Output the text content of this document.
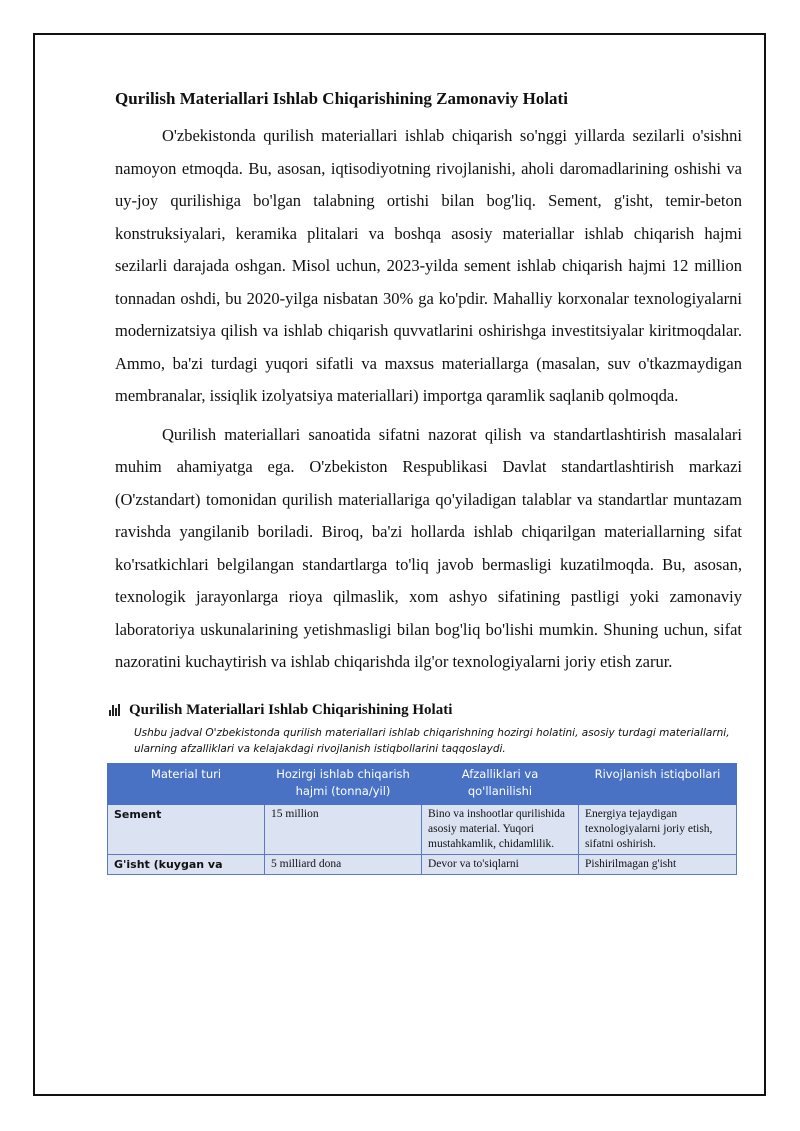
Qurilish Materiallari Ishlab Chiqarishining Zamonaviy Holati

O'zbekistonda qurilish materiallari ishlab chiqarish so'nggi yillarda sezilarli o'sishni namoyon etmoqda. Bu, asosan, iqtisodiyotning rivojlanishi, aholi daromadlarining oshishi va uy-joy qurilishiga bo'lgan talabning ortishi bilan bog'liq. Sement, g'isht, temir-beton konstruksiyalari, keramika plitalari va boshqa asosiy materiallar ishlab chiqarish hajmi sezilarli darajada oshgan. Misol uchun, 2023-yilda sement ishlab chiqarish hajmi 12 million tonnadan oshdi, bu 2020-yilga nisbatan 30% ga ko'pdir. Mahalliy korxonalar texnologiyalarni modernizatsiya qilish va ishlab chiqarish quvvatlarini oshirishga investitsiyalar kiritmoqdalar. Ammo, ba'zi turdagi yuqori sifatli va maxsus materiallarga (masalan, suv o'tkazmaydigan membranalar, issiqlik izolyatsiya materiallari) importga qaramlik saqlanib qolmoqda.

Qurilish materiallari sanoatida sifatni nazorat qilish va standartlashtirish masalalari muhim ahamiyatga ega. O'zbekiston Respublikasi Davlat standartlashtirish markazi (O'zstandart) tomonidan qurilish materiallariga qo'yiladigan talablar va standartlar muntazam ravishda yangilanib boriladi. Biroq, ba'zi hollarda ishlab chiqarilgan materiallarning sifat ko'rsatkichlari belgilangan standartlarga to'liq javob bermasligi kuzatilmoqda. Bu, asosan, texnologik jarayonlarga rioya qilmaslik, xom ashyo sifatining pastligi yoki zamonaviy laboratoriya uskunalarining yetishmasligi bilan bog'liq bo'lishi mumkin. Shuning uchun, sifat nazoratini kuchaytirish va ishlab chiqarishda ilg'or texnologiyalarni joriy etish zarur.

Qurilish Materiallari Ishlab Chiqarishining Holati
Ushbu jadval O'zbekistonda qurilish materiallari ishlab chiqarishning hozirgi holatini, asosiy turdagi materiallarni, ularning afzalliklari va kelajakdagi rivojlanish istiqbollarini taqqoslaydi.
Material turi	Hozirgi ishlab chiqarish hajmi (tonna/yil)	Afzalliklari va qo'llanilishi	Rivojlanish istiqbollari
Sement	15 million	Bino va inshootlar qurilishida asosiy material. Yuqori mustahkamlik, chidamlilik.	Energiya tejaydigan texnologiyalarni joriy etish, sifatni oshirish.
G'isht (kuygan va	5 milliard dona	Devor va to'siqlarni	Pishirilmagan g'isht
